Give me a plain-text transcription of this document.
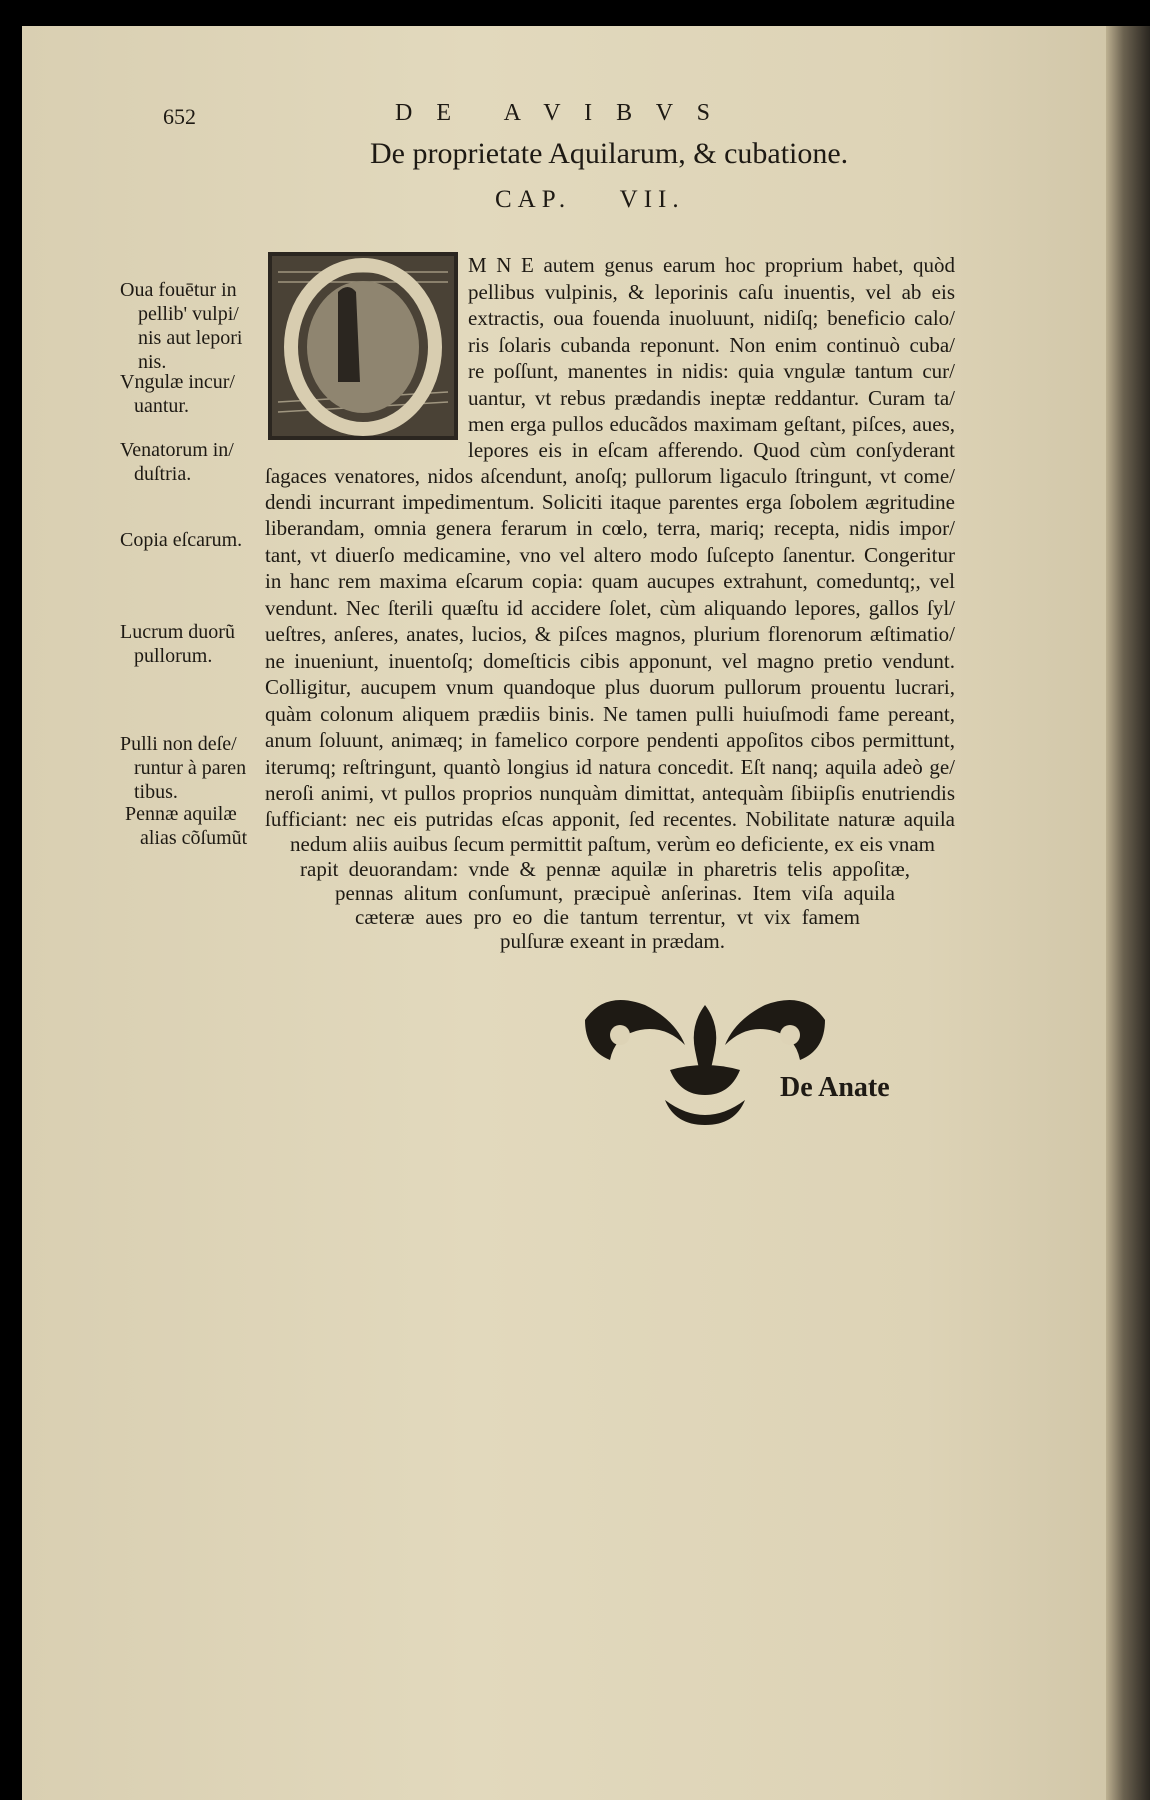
652	D E   A V I B V S
De proprietate Aquilarum, & cubatione.
CAP.    VII.
M N E autem genus earum hoc proprium habet, quòd
pellibus vulpinis, & leporinis caſu inuentis, vel ab eis
extractis, oua fouenda inuoluunt, nidiſq; beneficio calo/
ris ſolaris cubanda reponunt. Non enim continuò cuba/
re poſſunt, manentes in nidis: quia vngulæ tantum cur/
uantur, vt rebus prædandis ineptæ reddantur. Curam ta/
men erga pullos educãdos maximam geſtant, piſces, aues,
lepores eis in eſcam afferendo. Quod cùm conſyderant
ſagaces venatores, nidos aſcendunt, anoſq; pullorum ligaculo ſtringunt, vt come/
dendi incurrant impedimentum. Soliciti itaque parentes erga ſobolem ægritudine
liberandam, omnia genera ferarum in cœlo, terra, mariq; recepta, nidis impor/
tant, vt diuerſo medicamine, vno vel altero modo ſuſcepto ſanentur. Congeritur
in hanc rem maxima eſcarum copia: quam aucupes extrahunt, comeduntq;, vel
vendunt. Nec ſterili quæſtu id accidere ſolet, cùm aliquando lepores, gallos ſyl/
ueſtres, anſeres, anates, lucios, & piſces magnos, plurium florenorum æſtimatio/
ne inueniunt, inuentoſq; domeſticis cibis apponunt, vel magno pretio vendunt.
Colligitur, aucupem vnum quandoque plus duorum pullorum prouentu lucrari,
quàm colonum aliquem prædiis binis. Ne tamen pulli huiuſmodi fame pereant,
anum ſoluunt, animæq; in famelico corpore pendenti appoſitos cibos permittunt,
iterumq; reſtringunt, quantò longius id natura concedit. Eſt nanq; aquila adeò ge/
neroſi animi, vt pullos proprios nunquàm dimittat, antequàm ſibiipſis enutriendis
ſufficiant: nec eis putridas eſcas apponit, ſed recentes. Nobilitate naturæ aquila
nedum aliis auibus ſecum permittit paſtum, verùm eo deficiente, ex eis vnam
rapit deuorandam: vnde & pennæ aquilæ in pharetris telis appoſitæ,
pennas alitum conſumunt, præcipuè anſerinas. Item viſa aquila
cæteræ aues pro eo die tantum terrentur, vt vix famem
pulſuræ exeant in prædam.
Oua fouētur in
pellib' vulpi/
nis aut lepori
nis.
Vngulæ incur/
uantur.
Venatorum in/
duſtria.
Copia eſcarum.
Lucrum duorũ
pullorum.
Pulli non deſe/
runtur à paren
tibus.
Pennæ aquilæ
alias cõſumũt
De Anate
